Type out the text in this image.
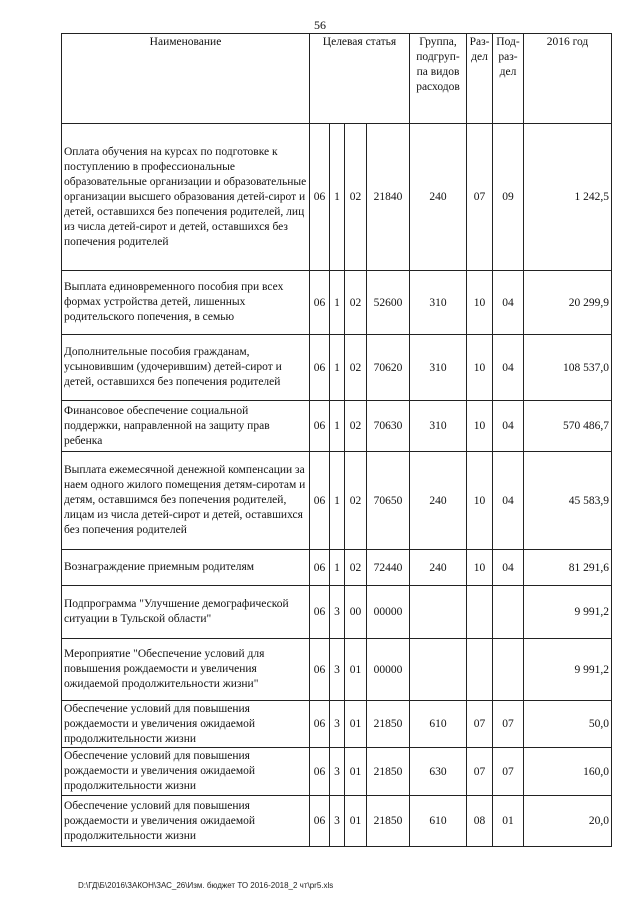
56
Наименование	Целевая статья				Группа, подгруп-па видов расходов	Раз-дел	Под-раз-дел	2016 год
Оплата обучения на курсах по подготовке к поступлению в профессиональные образовательные организации и образовательные организации высшего образования детей-сирот и детей, оставшихся без попечения родителей, лиц из числа детей-сирот и детей, оставшихся без попечения родителей	06	1	02	21840	240	07	09	1 242,5
Выплата единовременного пособия при всех формах устройства детей, лишенных родительского попечения, в семью	06	1	02	52600	310	10	04	20 299,9
Дополнительные пособия гражданам, усыновившим (удочерившим) детей-сирот и детей, оставшихся без попечения родителей	06	1	02	70620	310	10	04	108 537,0
Финансовое обеспечение социальной поддержки, направленной на защиту прав ребенка	06	1	02	70630	310	10	04	570 486,7
Выплата ежемесячной денежной компенсации за наем одного жилого помещения детям-сиротам и детям, оставшимся без попечения родителей, лицам из числа детей-сирот и детей, оставшихся без попечения родителей	06	1	02	70650	240	10	04	45 583,9
Вознаграждение приемным родителям	06	1	02	72440	240	10	04	81 291,6
Подпрограмма "Улучшение демографической ситуации в Тульской области"	06	3	00	00000				9 991,2
Мероприятие "Обеспечение условий для повышения рождаемости и увеличения ожидаемой продолжительности жизни"	06	3	01	00000				9 991,2
Обеспечение условий для повышения рождаемости и увеличения ожидаемой продолжительности жизни	06	3	01	21850	610	07	07	50,0
Обеспечение условий для повышения рождаемости и увеличения ожидаемой продолжительности жизни	06	3	01	21850	630	07	07	160,0
Обеспечение условий для повышения рождаемости и увеличения ожидаемой продолжительности жизни	06	3	01	21850	610	08	01	20,0
D:\ГД\Б\2016\ЗАКОН\ЗАС_26\Изм. бюджет ТО 2016-2018_2 чт\pr5.xls
